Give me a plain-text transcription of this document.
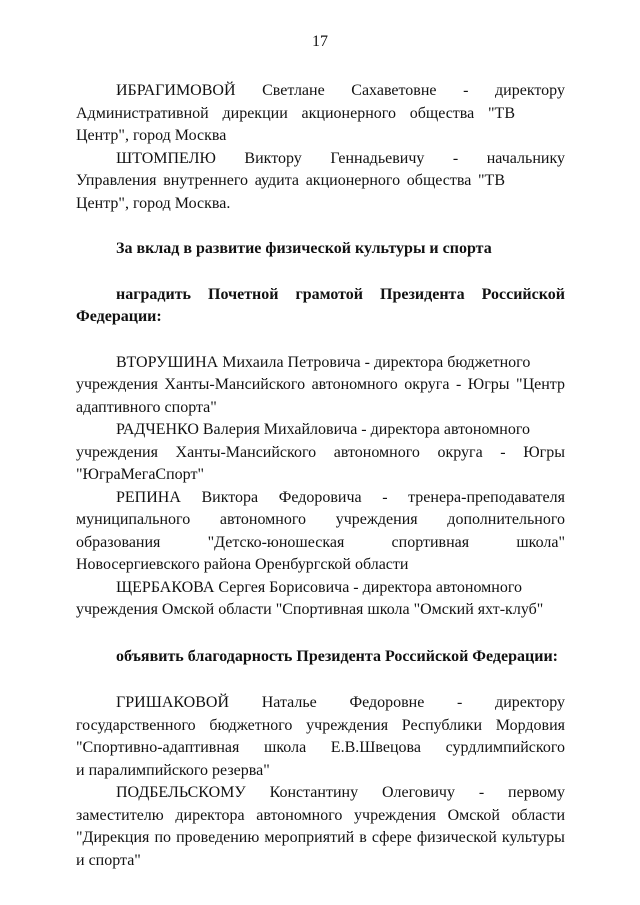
17
ИБРАГИМОВОЙ Светлане Сахаветовне - директору
Административной дирекции акционерного общества "ТВ Центр", город Москва
ШТОМПЕЛЮ Виктору Геннадьевичу - начальнику
Управления внутреннего аудита акционерного общества "ТВ Центр", город Москва.
За вклад в развитие физической культуры и спорта
наградить Почетной грамотой Президента Российской
Федерации:
ВТОРУШИНА Михаила Петровича - директора бюджетного
учреждения Ханты-Мансийского автономного округа - Югры "Центр адаптивного спорта"
РАДЧЕНКО Валерия Михайловича - директора автономного
учреждения Ханты-Мансийского автономного округа - Югры
"ЮграМегаСпорт"
РЕПИНА Виктора Федоровича - тренера-преподавателя
муниципального автономного учреждения дополнительного
образования	"Детско-юношеская	спортивная	школа"
Новосергиевского района Оренбургской области
ЩЕРБАКОВА Сергея Борисовича - директора автономного
учреждения Омской области "Спортивная школа "Омский яхт-клуб"
объявить благодарность Президента Российской Федерации:
ГРИШАКОВОЙ Наталье Федоровне - директору
государственного бюджетного учреждения Республики Мордовия
"Спортивно-адаптивная школа Е.В.Швецова сурдлимпийского
и паралимпийского резерва"
ПОДБЕЛЬСКОМУ Константину Олеговичу - первому
заместителю директора автономного учреждения Омской области
"Дирекция по проведению мероприятий в сфере физической культуры
и спорта"
